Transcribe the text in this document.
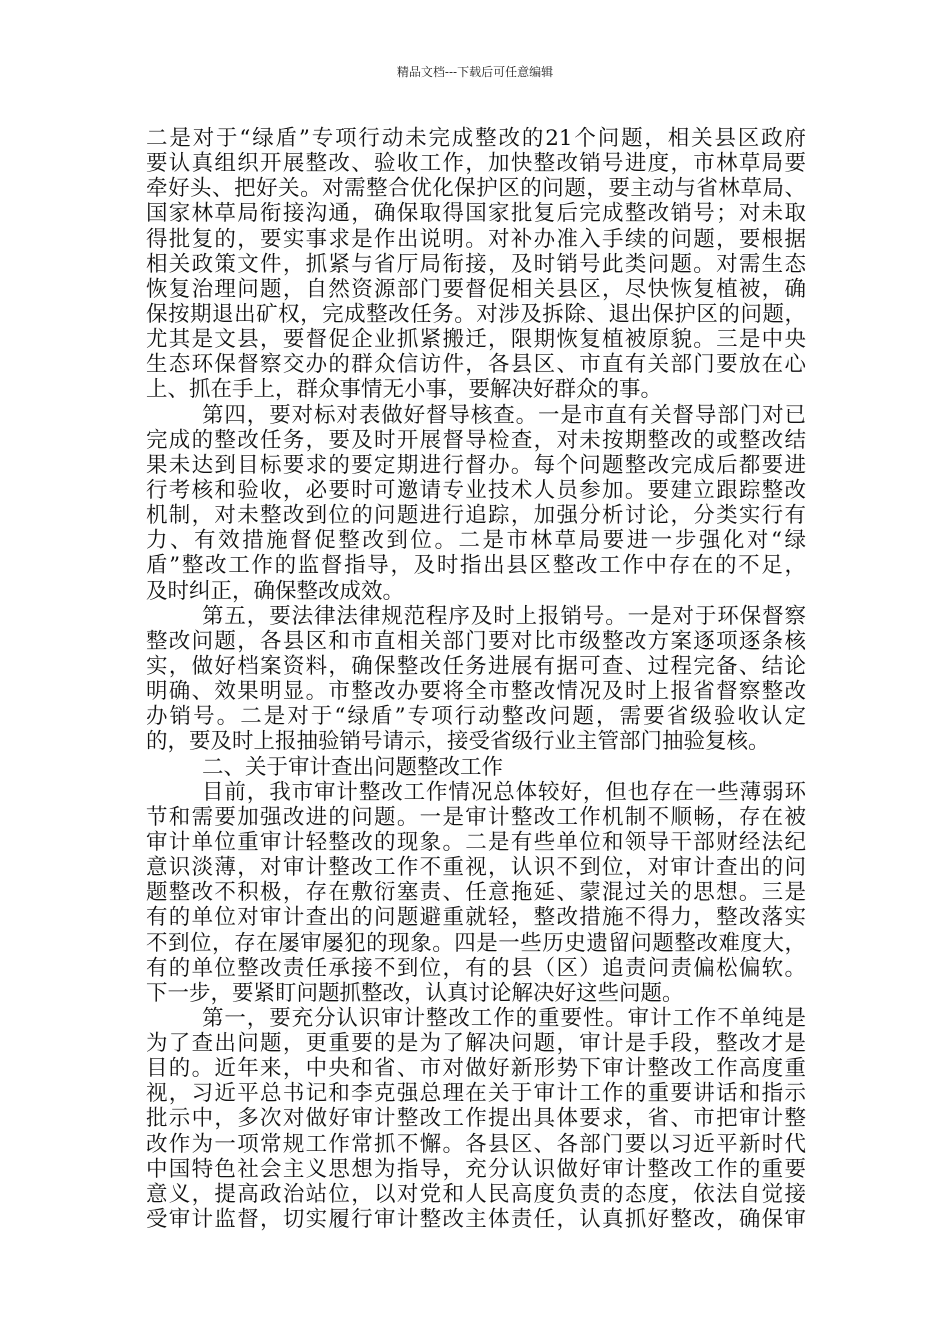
精品文档---下载后可任意编辑
二是对于“绿盾”专项行动未完成整改的21个问题，相关县区政府
要认真组织开展整改、验收工作，加快整改销号进度，市林草局要
牵好头、把好关。对需整合优化保护区的问题，要主动与省林草局、
国家林草局衔接沟通，确保取得国家批复后完成整改销号；对未取
得批复的，要实事求是作出说明。对补办准入手续的问题，要根据
相关政策文件，抓紧与省厅局衔接，及时销号此类问题。对需生态
恢复治理问题，自然资源部门要督促相关县区，尽快恢复植被，确
保按期退出矿权，完成整改任务。对涉及拆除、退出保护区的问题，
尤其是文县，要督促企业抓紧搬迁，限期恢复植被原貌。三是中央
生态环保督察交办的群众信访件，各县区、市直有关部门要放在心
上、抓在手上，群众事情无小事，要解决好群众的事。
第四，要对标对表做好督导核查。一是市直有关督导部门对已
完成的整改任务，要及时开展督导检查，对未按期整改的或整改结
果未达到目标要求的要定期进行督办。每个问题整改完成后都要进
行考核和验收，必要时可邀请专业技术人员参加。要建立跟踪整改
机制，对未整改到位的问题进行追踪，加强分析讨论，分类实行有
力、有效措施督促整改到位。二是市林草局要进一步强化对“绿
盾”整改工作的监督指导，及时指出县区整改工作中存在的不足，
及时纠正，确保整改成效。
第五，要法律法律规范程序及时上报销号。一是对于环保督察
整改问题，各县区和市直相关部门要对比市级整改方案逐项逐条核
实，做好档案资料，确保整改任务进展有据可查、过程完备、结论
明确、效果明显。市整改办要将全市整改情况及时上报省督察整改
办销号。二是对于“绿盾”专项行动整改问题，需要省级验收认定
的，要及时上报抽验销号请示，接受省级行业主管部门抽验复核。
二、关于审计查出问题整改工作
目前，我市审计整改工作情况总体较好，但也存在一些薄弱环
节和需要加强改进的问题。一是审计整改工作机制不顺畅，存在被
审计单位重审计轻整改的现象。二是有些单位和领导干部财经法纪
意识淡薄，对审计整改工作不重视，认识不到位，对审计查出的问
题整改不积极，存在敷衍塞责、任意拖延、蒙混过关的思想。三是
有的单位对审计查出的问题避重就轻，整改措施不得力，整改落实
不到位，存在屡审屡犯的现象。四是一些历史遗留问题整改难度大，
有的单位整改责任承接不到位，有的县（区）追责问责偏松偏软。
下一步，要紧盯问题抓整改，认真讨论解决好这些问题。
第一，要充分认识审计整改工作的重要性。审计工作不单纯是
为了查出问题，更重要的是为了解决问题，审计是手段，整改才是
目的。近年来，中央和省、市对做好新形势下审计整改工作高度重
视，习近平总书记和李克强总理在关于审计工作的重要讲话和指示
批示中，多次对做好审计整改工作提出具体要求，省、市把审计整
改作为一项常规工作常抓不懈。各县区、各部门要以习近平新时代
中国特色社会主义思想为指导，充分认识做好审计整改工作的重要
意义，提高政治站位，以对党和人民高度负责的态度，依法自觉接
受审计监督，切实履行审计整改主体责任，认真抓好整改，确保审
